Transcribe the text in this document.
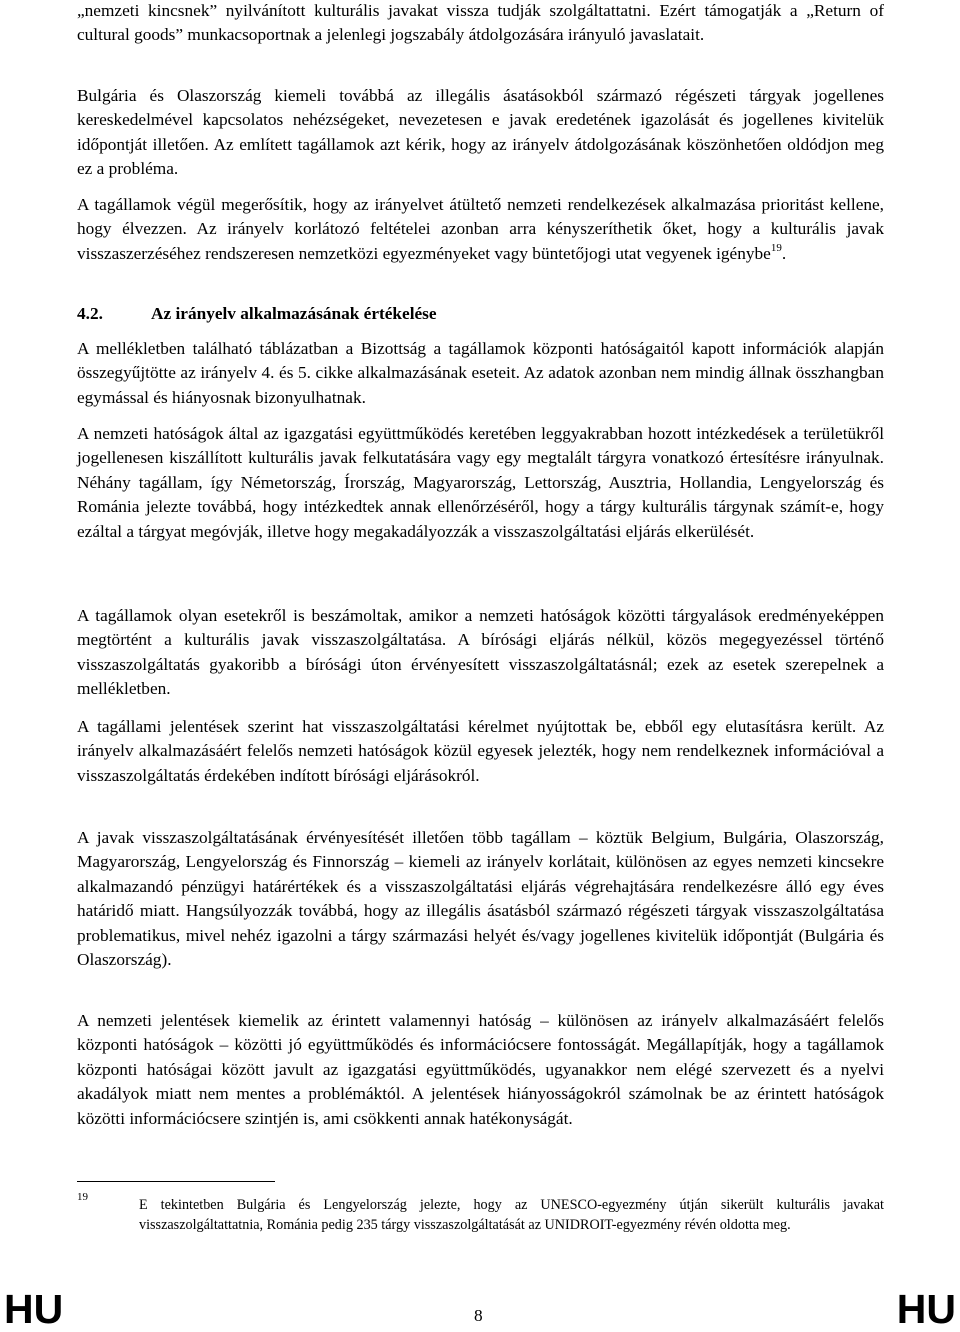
„nemzeti kincsnek” nyilvánított kulturális javakat vissza tudják szolgáltattatni. Ezért támogatják a „Return of cultural goods” munkacsoportnak a jelenlegi jogszabály átdolgozására irányuló javaslatait.

Bulgária és Olaszország kiemeli továbbá az illegális ásatásokból származó régészeti tárgyak jogellenes kereskedelmével kapcsolatos nehézségeket, nevezetesen e javak eredetének igazolását és jogellenes kivitelük időpontját illetően. Az említett tagállamok azt kérik, hogy az irányelv átdolgozásának köszönhetően oldódjon meg ez a probléma.

A tagállamok végül megerősítik, hogy az irányelvet átültető nemzeti rendelkezések alkalmazása prioritást kellene, hogy élvezzen. Az irányelv korlátozó feltételei azonban arra kényszeríthetik őket, hogy a kulturális javak visszaszerzéséhez rendszeresen nemzetközi egyezményeket vagy büntetőjogi utat vegyenek igénybe$^{19}$.

4.2.	Az irányelv alkalmazásának értékelése

A mellékletben található táblázatban a Bizottság a tagállamok központi hatóságaitól kapott információk alapján összegyűjtötte az irányelv 4. és 5. cikke alkalmazásának eseteit. Az adatok azonban nem mindig állnak összhangban egymással és hiányosnak bizonyulhatnak.

A nemzeti hatóságok által az igazgatási együttműködés keretében leggyakrabban hozott intézkedések a területükről jogellenesen kiszállított kulturális javak felkutatására vagy egy megtalált tárgyra vonatkozó értesítésre irányulnak. Néhány tagállam, így Németország, Írország, Magyarország, Lettország, Ausztria, Hollandia, Lengyelország és Románia jelezte továbbá, hogy intézkedtek annak ellenőrzéséről, hogy a tárgy kulturális tárgynak számít-e, hogy ezáltal a tárgyat megóvják, illetve hogy megakadályozzák a visszaszolgáltatási eljárás elkerülését.

A tagállamok olyan esetekről is beszámoltak, amikor a nemzeti hatóságok közötti tárgyalások eredményeképpen megtörtént a kulturális javak visszaszolgáltatása. A bírósági eljárás nélkül, közös megegyezéssel történő visszaszolgáltatás gyakoribb a bírósági úton érvényesített visszaszolgáltatásnál; ezek az esetek szerepelnek a mellékletben.

A tagállami jelentések szerint hat visszaszolgáltatási kérelmet nyújtottak be, ebből egy elutasításra került. Az irányelv alkalmazásáért felelős nemzeti hatóságok közül egyesek jelezték, hogy nem rendelkeznek információval a visszaszolgáltatás érdekében indított bírósági eljárásokról.

A javak visszaszolgáltatásának érvényesítését illetően több tagállam – köztük Belgium, Bulgária, Olaszország, Magyarország, Lengyelország és Finnország – kiemeli az irányelv korlátait, különösen az egyes nemzeti kincsekre alkalmazandó pénzügyi határértékek és a visszaszolgáltatási eljárás végrehajtására rendelkezésre álló egy éves határidő miatt. Hangsúlyozzák továbbá, hogy az illegális ásatásból származó régészeti tárgyak visszaszolgáltatása problematikus, mivel nehéz igazolni a tárgy származási helyét és/vagy jogellenes kivitelük időpontját (Bulgária és Olaszország).

A nemzeti jelentések kiemelik az érintett valamennyi hatóság – különösen az irányelv alkalmazásáért felelős központi hatóságok – közötti jó együttműködés és információcsere fontosságát. Megállapítják, hogy a tagállamok központi hatóságai között javult az igazgatási együttműködés, ugyanakkor nem elégé szervezett és a nyelvi akadályok miatt nem mentes a problémáktól. A jelentések hiányosságokról számolnak be az érintett hatóságok közötti információcsere szintjén is, ami csökkenti annak hatékonyságát.

19	E tekintetben Bulgária és Lengyelország jelezte, hogy az UNESCO-egyezmény útján sikerült kulturális javakat visszaszolgáltattatnia, Románia pedig 235 tárgy visszaszolgáltatását az UNIDROIT-egyezmény révén oldotta meg.

HU	8	HU
